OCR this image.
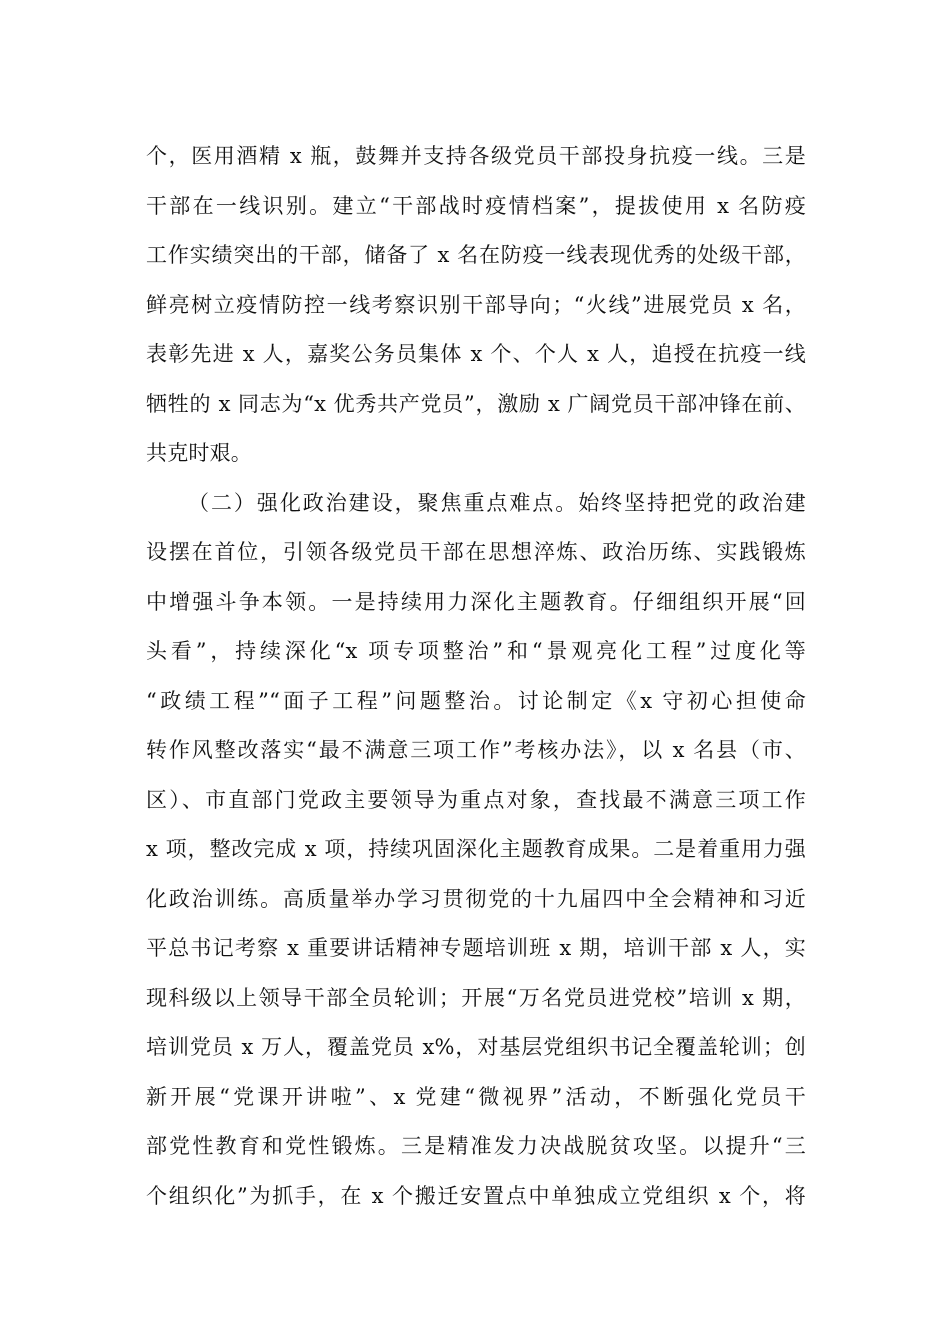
个，医用酒精 x 瓶，鼓舞并支持各级党员干部投身抗疫一线。三是
干部在一线识别。建立“干部战时疫情档案”，提拔使用 x 名防疫
工作实绩突出的干部，储备了 x 名在防疫一线表现优秀的处级干部，
鲜亮树立疫情防控一线考察识别干部导向；“火线”进展党员 x 名，
表彰先进 x 人，嘉奖公务员集体 x 个、个人 x 人，追授在抗疫一线
牺牲的 x 同志为“x 优秀共产党员”，激励 x 广阔党员干部冲锋在前、
共克时艰。
（二）强化政治建设，聚焦重点难点。始终坚持把党的政治建
设摆在首位，引领各级党员干部在思想淬炼、政治历练、实践锻炼
中增强斗争本领。一是持续用力深化主题教育。仔细组织开展“回
头看”，持续深化“x 项专项整治”和“景观亮化工程”过度化等
“政绩工程”“面子工程”问题整治。讨论制定《x 守初心担使命
转作风整改落实“最不满意三项工作”考核办法》，以 x 名县（市、
区）、市直部门党政主要领导为重点对象，查找最不满意三项工作
x 项，整改完成 x 项，持续巩固深化主题教育成果。二是着重用力强
化政治训练。高质量举办学习贯彻党的十九届四中全会精神和习近
平总书记考察 x 重要讲话精神专题培训班 x 期，培训干部 x 人，实
现科级以上领导干部全员轮训；开展“万名党员进党校”培训 x 期，
培训党员 x 万人，覆盖党员 x%，对基层党组织书记全覆盖轮训；创
新开展“党课开讲啦”、x 党建“微视界”活动，不断强化党员干
部党性教育和党性锻炼。三是精准发力决战脱贫攻坚。以提升“三
个组织化”为抓手，在 x 个搬迁安置点中单独成立党组织 x 个，将
